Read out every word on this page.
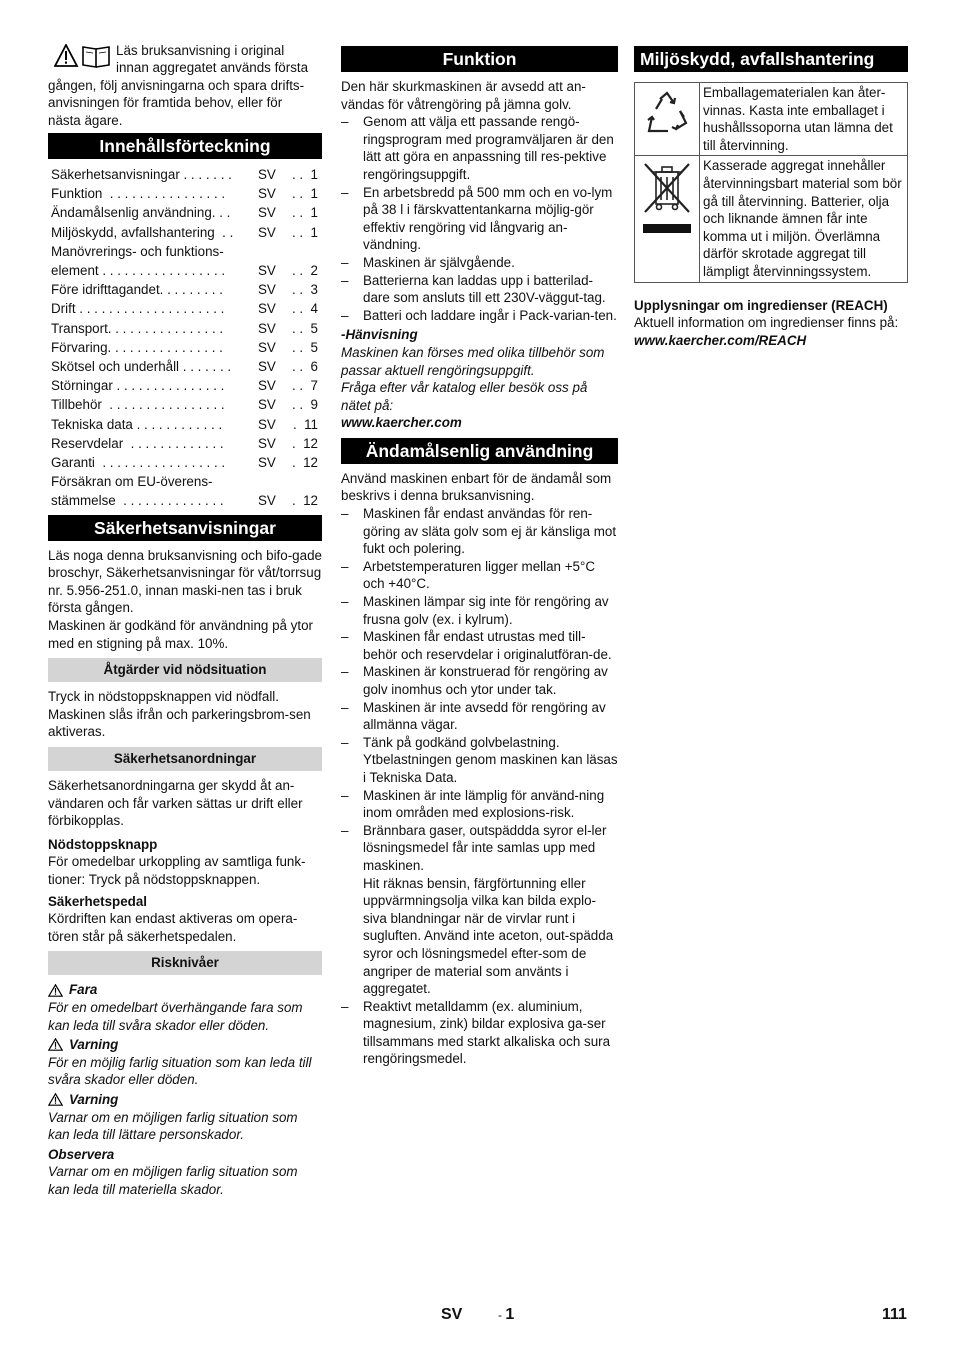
Läs bruksanvisning i original
innan aggregatet används första
gången, följ anvisningarna och spara drifts-
anvisningen för framtida behov, eller för
nästa ägare.
Innehållsförteckning
Säkerhetsanvisningar . . . . . . .	SV	. .  1
Funktion  . . . . . . . . . . . . . . . .	SV	. .  1
Ändamålsenlig användning. . .	SV	. .  1
Miljöskydd, avfallshantering  . .	SV	. .  1
Manövrerings- och funktions-
element . . . . . . . . . . . . . . . . .	SV	. .  2
Före idrifttagandet. . . . . . . . .	SV	. .  3
Drift . . . . . . . . . . . . . . . . . . . .	SV	. .  4
Transport. . . . . . . . . . . . . . . .	SV	. .  5
Förvaring. . . . . . . . . . . . . . . .	SV	. .  5
Skötsel och underhåll . . . . . . .	SV	. .  6
Störningar . . . . . . . . . . . . . . .	SV	. .  7
Tillbehör  . . . . . . . . . . . . . . . .	SV	. .  9
Tekniska data . . . . . . . . . . . .	SV	.  11
Reservdelar  . . . . . . . . . . . . .	SV	.  12
Garanti  . . . . . . . . . . . . . . . . .	SV	.  12
Försäkran om EU-överens-
stämmelse  . . . . . . . . . . . . . .	SV	.  12
Säkerhetsanvisningar

Läs noga denna bruksanvisning och bifo-gade broschyr, Säkerhetsanvisningar för våt/torrsug nr. 5.956-251.0, innan maski-nen tas i bruk första gången.

Maskinen är godkänd för användning på ytor med en stigning på max. 10%.

Åtgärder vid nödsituation

Tryck in nödstoppsknappen vid nödfall. Maskinen slås ifrån och parkeringsbrom-sen aktiveras.

Säkerhetsanordningar

Säkerhetsanordningarna ger skydd åt an-vändaren och får varken sättas ur drift eller förbikopplas.

Nödstoppsknapp

För omedelbar urkoppling av samtliga funk-tioner: Tryck på nödstoppsknappen.

Säkerhetspedal

Kördriften kan endast aktiveras om opera-tören står på säkerhetspedalen.

Risknivåer
Fara

För en omedelbart överhängande fara som kan leda till svåra skador eller döden.

Varning

För en möjlig farlig situation som kan leda till svåra skador eller döden.

Varning

Varnar om en möjligen farlig situation som kan leda till lättare personskador.

Observera

Varnar om en möjligen farlig situation som kan leda till materiella skador.

Funktion

Den här skurkmaskinen är avsedd att an-vändas för våtrengöring på jämna golv.

– Genom att välja ett passande rengö-ringsprogram med programväljaren är den lätt att göra en anpassning till res-pektive rengöringsuppgift.
– En arbetsbredd på 500 mm och en vo-lym på 38 l i färskvattentankarna möjlig-gör effektiv rengöring vid långvarig an-vändning.
– Maskinen är självgående.
– Batterierna kan laddas upp i batterilad-dare som ansluts till ett 230V-väggut-tag.
– Batteri och laddare ingår i Pack-varian-ten.

-Hänvisning

Maskinen kan förses med olika tillbehör som passar aktuell rengöringsuppgift.

Fråga efter vår katalog eller besök oss på nätet på:

www.kaercher.com

Ändamålsenlig användning

Använd maskinen enbart för de ändamål som beskrivs i denna bruksanvisning.

– Maskinen får endast användas för ren-göring av släta golv som ej är känsliga mot fukt och polering.
– Arbetstemperaturen ligger mellan +5°C och +40°C.
– Maskinen lämpar sig inte för rengöring av frusna golv (ex. i kylrum).
– Maskinen får endast utrustas med till-behör och reservdelar i originalutföran-de.
– Maskinen är konstruerad för rengöring av golv inomhus och ytor under tak.
– Maskinen är inte avsedd för rengöring av allmänna vägar.
– Tänk på godkänd golvbelastning. Ytbelastningen genom maskinen kan läsas i Tekniska Data.
– Maskinen är inte lämplig för använd-ning inom områden med explosions-risk.
– Brännbara gaser, outspäddda syror el-ler lösningsmedel får inte samlas upp med maskinen.
Hit räknas bensin, färgförtunning eller uppvärmningsolja vilka kan bilda explo-siva blandningar när de virvlar runt i sugluften. Använd inte aceton, out-spädda syror och lösningsmedel efter-som de angriper de material som använts i aggregatet.
– Reaktivt metalldamm (ex. aluminium, magnesium, zink) bildar explosiva ga-ser tillsammans med starkt alkaliska och sura rengöringsmedel.
Miljöskydd, avfallshantering
	Emballagematerialen kan åter-vinnas. Kasta inte emballaget i hushållssoporna utan lämna det till återvinning.
	Kasserade aggregat innehåller återvinningsbart material som bör gå till återvinning. Batterier, olja och liknande ämnen får inte komma ut i miljön. Överlämna därför skrotade aggregat till lämpligt återvinningssystem.

Upplysningar om ingredienser (REACH)

Aktuell information om ingredienser finns på:

www.kaercher.com/REACH

SV	- 1	111
